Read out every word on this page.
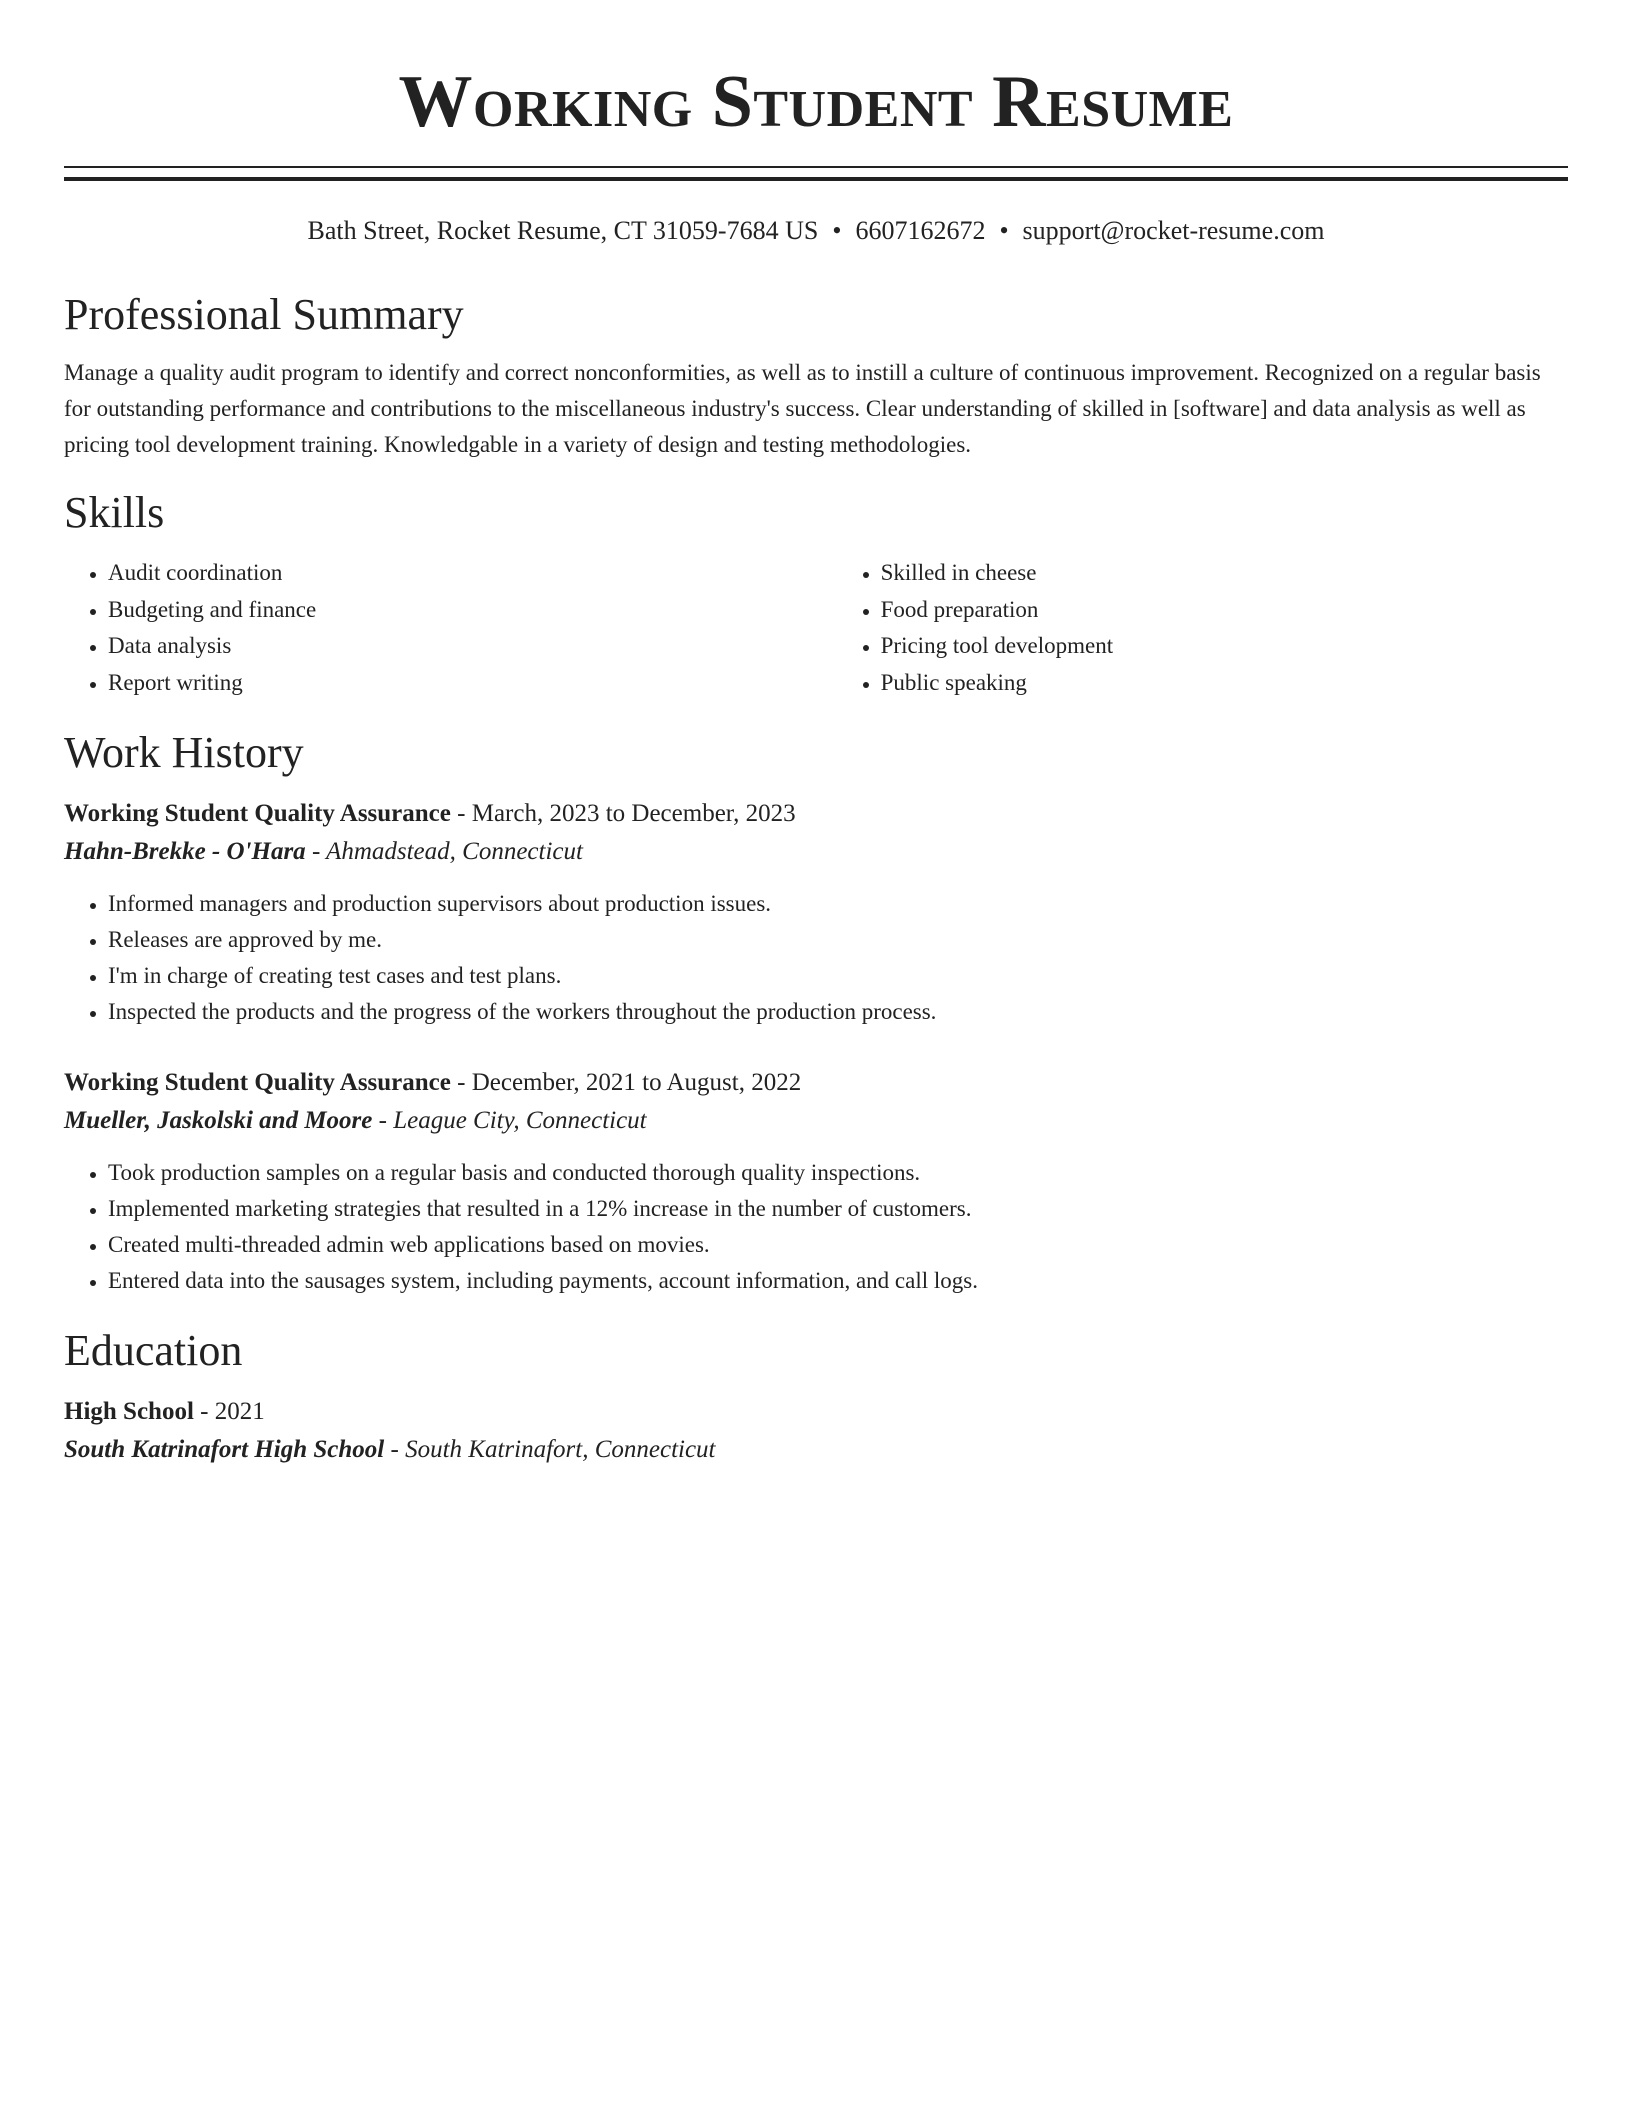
Working Student Resume
Bath Street, Rocket Resume, CT 31059-7684 US • 6607162672 • support@rocket-resume.com
Professional Summary

Manage a quality audit program to identify and correct nonconformities, as well as to instill a culture of continuous improvement. Recognized on a regular basis for outstanding performance and contributions to the miscellaneous industry's success. Clear understanding of skilled in [software] and data analysis as well as pricing tool development training. Knowledgable in a variety of design and testing methodologies.

Skills
• Audit coordination
• Budgeting and finance
• Data analysis
• Report writing
• Skilled in cheese
• Food preparation
• Pricing tool development
• Public speaking
Work History
Working Student Quality Assurance - March, 2023 to December, 2023
Hahn-Brekke - O'Hara - Ahmadstead, Connecticut
• Informed managers and production supervisors about production issues.
• Releases are approved by me.
• I'm in charge of creating test cases and test plans.
• Inspected the products and the progress of the workers throughout the production process.
Working Student Quality Assurance - December, 2021 to August, 2022
Mueller, Jaskolski and Moore - League City, Connecticut
• Took production samples on a regular basis and conducted thorough quality inspections.
• Implemented marketing strategies that resulted in a 12% increase in the number of customers.
• Created multi-threaded admin web applications based on movies.
• Entered data into the sausages system, including payments, account information, and call logs.
Education
High School - 2021
South Katrinafort High School - South Katrinafort, Connecticut
